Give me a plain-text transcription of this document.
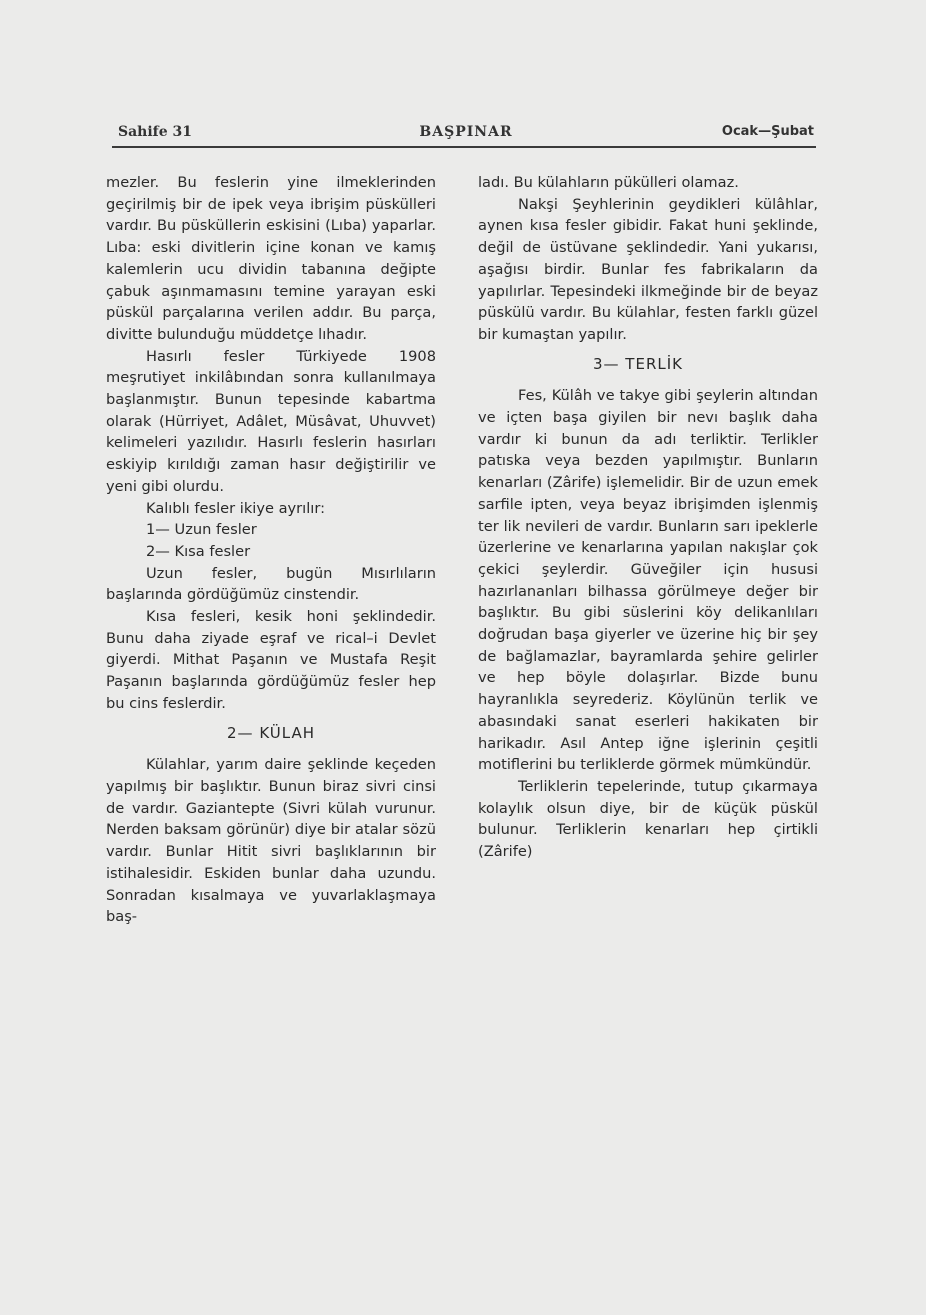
Sahife 31	BAŞPINAR	Ocak—Şubat

mezler. Bu feslerin yine ilmeklerinden geçirilmiş bir de ipek veya ibrişim püskülleri vardır. Bu püsküllerin eskisini (Lıba) yaparlar. Lıba: eski divitlerin içine konan ve kamış kalemlerin ucu dividin tabanına değipte çabuk aşınmamasını temine yarayan eski püskül parçalarına verilen addır. Bu parça, divitte bulunduğu müddetçe lıhadır.

Hasırlı fesler Türkiyede 1908 meşrutiyet inkilâbından sonra kullanılmaya başlanmıştır. Bunun tepesinde kabartma olarak (Hürriyet, Adâlet, Müsâvat, Uhuvvet) kelimeleri yazılıdır. Hasırlı feslerin hasırları eskiyip kırıldığı zaman hasır değiştirilir ve yeni gibi olurdu.

Kalıblı fesler ikiye ayrılır:

1— Uzun fesler

2— Kısa fesler

Uzun fesler, bugün Mısırlıların başlarında gördüğümüz cinstendir.

Kısa fesleri, kesik honi şeklindedir. Bunu daha ziyade eşraf ve rical–i Devlet giyerdi. Mithat Paşanın ve Mustafa Reşit Paşanın başlarında gördüğümüz fesler hep bu cins feslerdir.

2— KÜLAH

Külahlar, yarım daire şeklinde keçeden yapılmış bir başlıktır. Bunun biraz sivri cinsi de vardır. Gaziantepte (Sivri külah vurunur. Nerden baksam görünür) diye bir atalar sözü vardır. Bunlar Hitit sivri başlıklarının bir istihalesidir. Eskiden bunlar daha uzundu. Sonradan kısalmaya ve yuvarlaklaşmaya baş-

ladı. Bu külahların pükülleri olamaz.

Nakşi Şeyhlerinin geydikleri külâhlar, aynen kısa fesler gibidir. Fakat huni şeklinde, değil de üstüvane şeklindedir. Yani yukarısı, aşağısı birdir. Bunlar fes fabrikaların da yapılırlar. Tepesindeki ilkmeğinde bir de beyaz püskülü vardır. Bu külahlar, festen farklı güzel bir kumaştan yapılır.

3— TERLİK

Fes, Külâh ve takye gibi şeylerin altından ve içten başa giyilen bir nevı başlık daha vardır ki bunun da adı terliktir. Terlikler patıska veya bezden yapılmıştır. Bunların kenarları (Zârife) işlemelidir. Bir de uzun emek sarfile ipten, veya beyaz ibrişimden işlenmiş ter lik nevileri de vardır. Bunların sarı ipeklerle üzerlerine ve kenarlarına yapılan nakışlar çok çekici şeylerdir. Güveğiler için hususi hazırlananları bilhassa görülmeye değer bir başlıktır. Bu gibi süslerini köy delikanlıları doğrudan başa giyerler ve üzerine hiç bir şey de bağlamazlar, bayramlarda şehire gelirler ve hep böyle dolaşırlar. Bizde bunu hayranlıkla seyrederiz. Köylünün terlik ve abasındaki sanat eserleri hakikaten bir harikadır. Asıl Antep iğne işlerinin çeşitli motiflerini bu terliklerde görmek mümkündür.

Terliklerin tepelerinde, tutup çıkarmaya kolaylık olsun diye, bir de küçük püskül bulunur. Terliklerin kenarları hep çirtikli (Zârife)
